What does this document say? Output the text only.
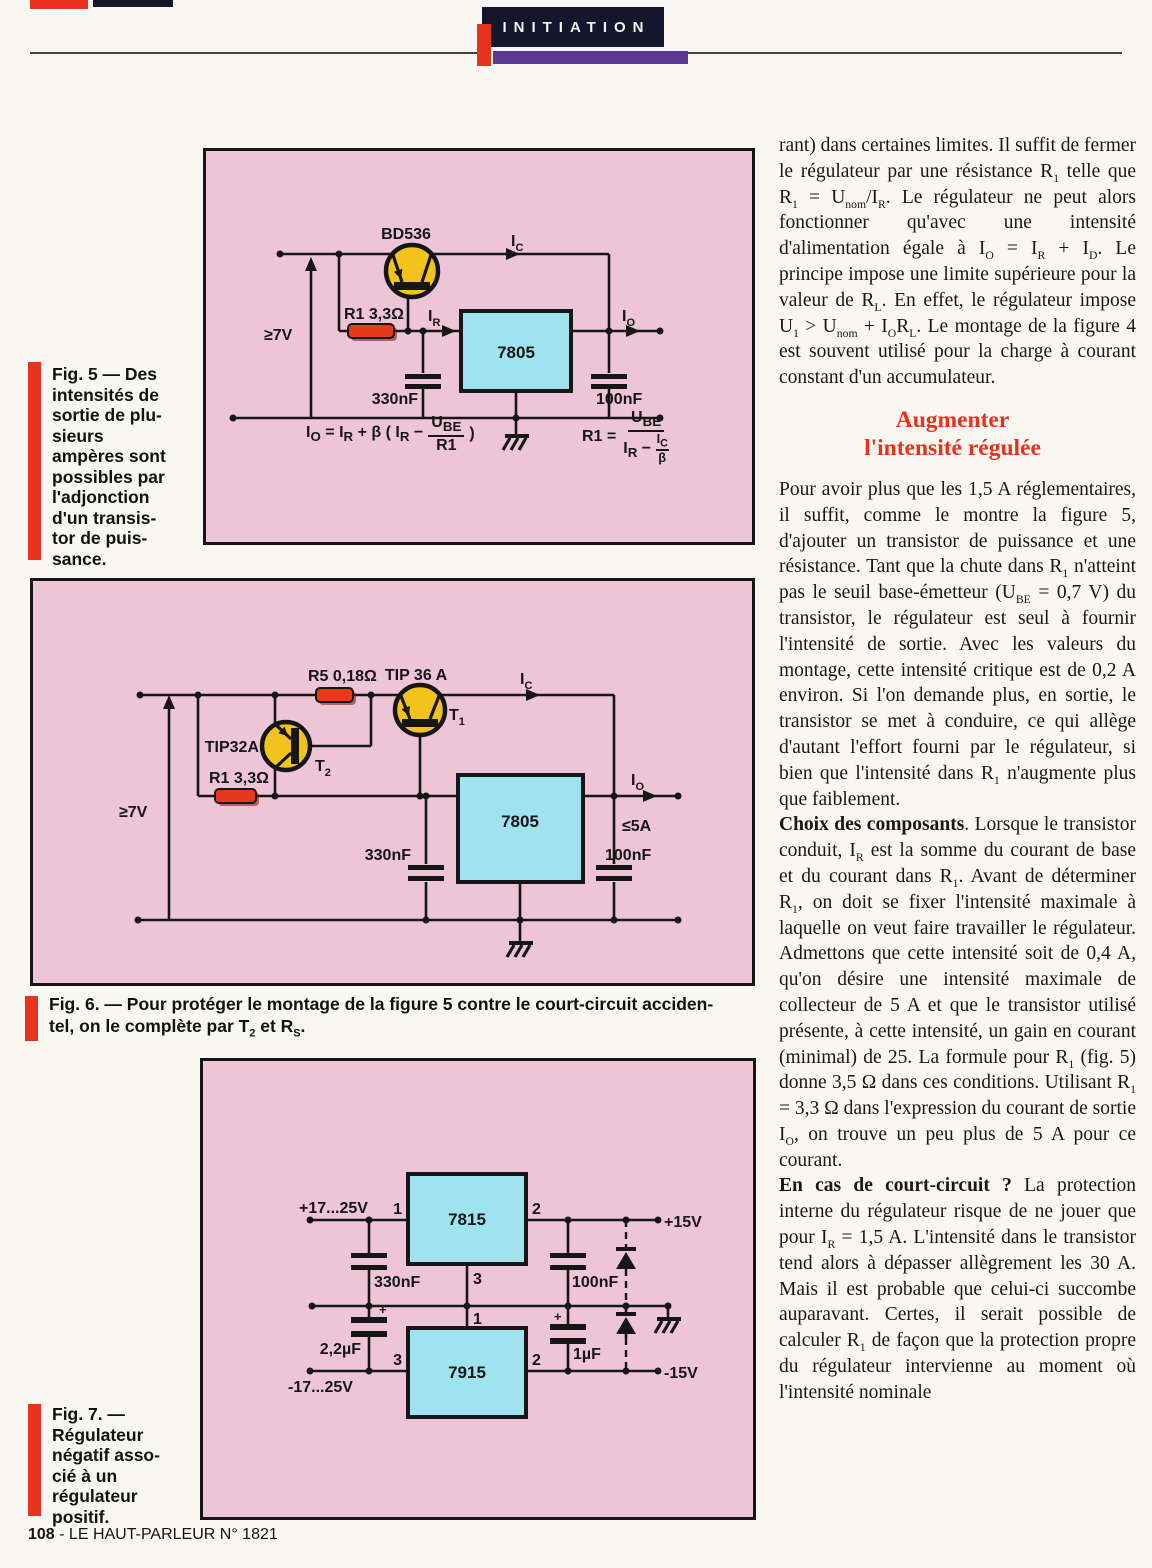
INITIATION
≥7V
BD536
R1 3,3Ω $I_R$
$I_C$
7805
$I_O$
330nF	100nF
$I_O = I_R + \beta$ ( $I_R - \frac{U_{BE}}{R1}$ )	$R1 = \frac{U_{BE}}{I_R - \frac{I_C}{\beta}}$
Fig. 5 — Des
intensités de
sortie de plu-
sieurs
ampères sont
possibles par
l'adjonction
d'un transis-
tor de puis-
sance.
≥7V
R5 0,18Ω
TIP32A
$T_2$
TIP 36 A
$T_1$
$I_C$
R1 3,3Ω
7805
$I_O$
≤5A
330nF	100nF
Fig. 6. — Pour protéger le montage de la figure 5 contre le court-circuit acciden-
tel, on le complète par $T_2$ et $R_S$.
+17...25V
-17...25V
+15V
-15V
7815
1	2
3
7915
3	2
1
330nF	100nF
+
2,2µF
+
1µF
Fig. 7. —
Régulateur
négatif asso-
cié à un
régulateur
positif.

rant) dans certaines limites. Il suffit de fermer le régulateur par une résistance $R_1$ telle que $R_1 = U_{nom}/I_R$. Le régulateur ne peut alors fonctionner qu'avec une intensité d'alimentation égale à $I_O = I_R + I_D$. Le principe impose une limite supérieure pour la valeur de $R_L$. En effet, le régulateur impose $U_1 > U_{nom} + I_OR_L$. Le montage de la figure 4 est souvent utilisé pour la charge à courant constant d'un accumulateur.

Augmenter
l'intensité régulée

Pour avoir plus que les 1,5 A réglementaires, il suffit, comme le montre la figure 5, d'ajouter un transistor de puissance et une résistance. Tant que la chute dans $R_1$ n'atteint pas le seuil base-émetteur ($U_{BE} = 0,7$ V) du transistor, le régulateur est seul à fournir l'intensité de sortie. Avec les valeurs du montage, cette intensité critique est de 0,2 A environ. Si l'on demande plus, en sortie, le transistor se met à conduire, ce qui allège d'autant l'effort fourni par le régulateur, si bien que l'intensité dans $R_1$ n'augmente plus que faiblement.

Choix des composants. Lorsque le transistor conduit, $I_R$ est la somme du courant de base et du courant dans $R_1$. Avant de déterminer $R_1$, on doit se fixer l'intensité maximale à laquelle on veut faire travailler le régulateur. Admettons que cette intensité soit de 0,4 A, qu'on désire une intensité maximale de collecteur de 5 A et que le transistor utilisé présente, à cette intensité, un gain en courant (minimal) de 25. La formule pour $R_1$ (fig. 5) donne 3,5 Ω dans ces conditions. Utilisant $R_1 = 3,3$ Ω dans l'expression du courant de sortie $I_O$, on trouve un peu plus de 5 A pour ce courant.

En cas de court-circuit ? La protection interne du régulateur risque de ne jouer que pour $I_R = 1,5$ A. L'intensité dans le transistor tend alors à dépasser allègrement les 30 A. Mais il est probable que celui-ci succombe auparavant. Certes, il serait possible de calculer $R_1$ de façon que la protection propre du régulateur intervienne au moment où l'intensité nominale

108 - LE HAUT-PARLEUR N° 1821
